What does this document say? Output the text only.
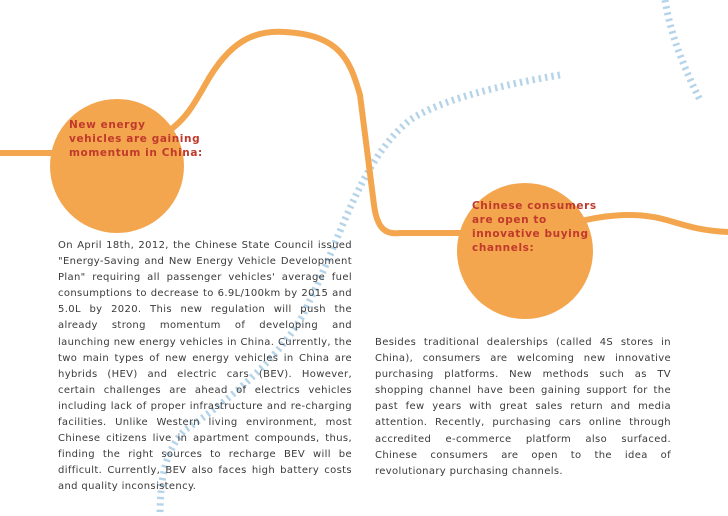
New energy
vehicles are gaining
momentum in China:

Chinese consumers
are open to
innovative buying
channels:

On April 18th, 2012, the Chinese State Council issued "Energy-Saving and New Energy Vehicle Development Plan" requiring all passenger vehicles' average fuel consumptions to decrease to 6.9L/100km by 2015 and 5.0L by 2020. This new regulation will push the already strong momentum of developing and launching new energy vehicles in China. Currently, the two main types of new energy vehicles in China are hybrids (HEV) and electric cars (BEV). However, certain challenges are ahead of electrics vehicles including lack of proper infrastructure and re-charging facilities. Unlike Western living environment, most Chinese citizens live in apartment compounds, thus, finding the right sources to recharge BEV will be difficult. Currently, BEV also faces high battery costs and quality inconsistency.

Besides traditional dealerships (called 4S stores in China), consumers are welcoming new innovative purchasing platforms. New methods such as TV shopping channel have been gaining support for the past few years with great sales return and media attention. Recently, purchasing cars online through accredited e-commerce platform also surfaced. Chinese consumers are open to the idea of revolutionary purchasing channels.
